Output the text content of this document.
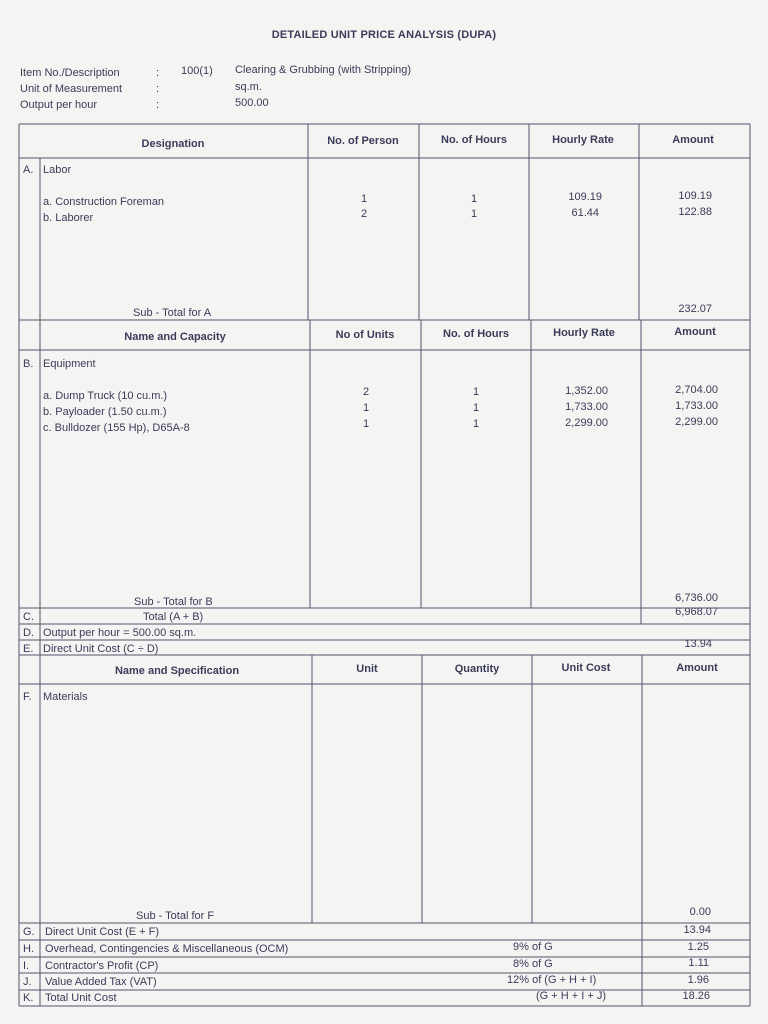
DETAILED UNIT PRICE ANALYSIS (DUPA)
Item No./Description	: 100(1) Clearing & Grubbing (with Stripping)
Unit of Measurement	:	sq.m.
Output per hour	:	500.00
Designation	No. of Person	No. of Hours	Hourly Rate	Amount
A. Labor
a. Construction Foreman	1	1	109.19	109.19
b. Laborer	2	1	61.44	122.88
Sub - Total for A	232.07
Name and Capacity	No of Units	No. of Hours	Hourly Rate	Amount
B. Equipment
a. Dump Truck (10 cu.m.)	2	1	1,352.00	2,704.00
b. Payloader (1.50 cu.m.)	1	1	1,733.00	1,733.00
c. Bulldozer (155 Hp), D65A-8	1	1	2,299.00	2,299.00
Sub - Total for B	6,736.00
C.	Total (A + B)	6,968.07
D. Output per hour = 500.00 sq.m.
E. Direct Unit Cost (C ÷ D)	13.94
Name and Specification	Unit	Quantity	Unit Cost	Amount
F. Materials
Sub - Total for F	0.00
G. Direct Unit Cost (E + F)	13.94
H. Overhead, Contingencies & Miscellaneous (OCM)	9% of G	1.25
I. Contractor's Profit (CP)	8% of G	1.11
J. Value Added Tax (VAT)	12% of (G + H + I)	1.96
K. Total Unit Cost	(G + H + I + J)	18.26
